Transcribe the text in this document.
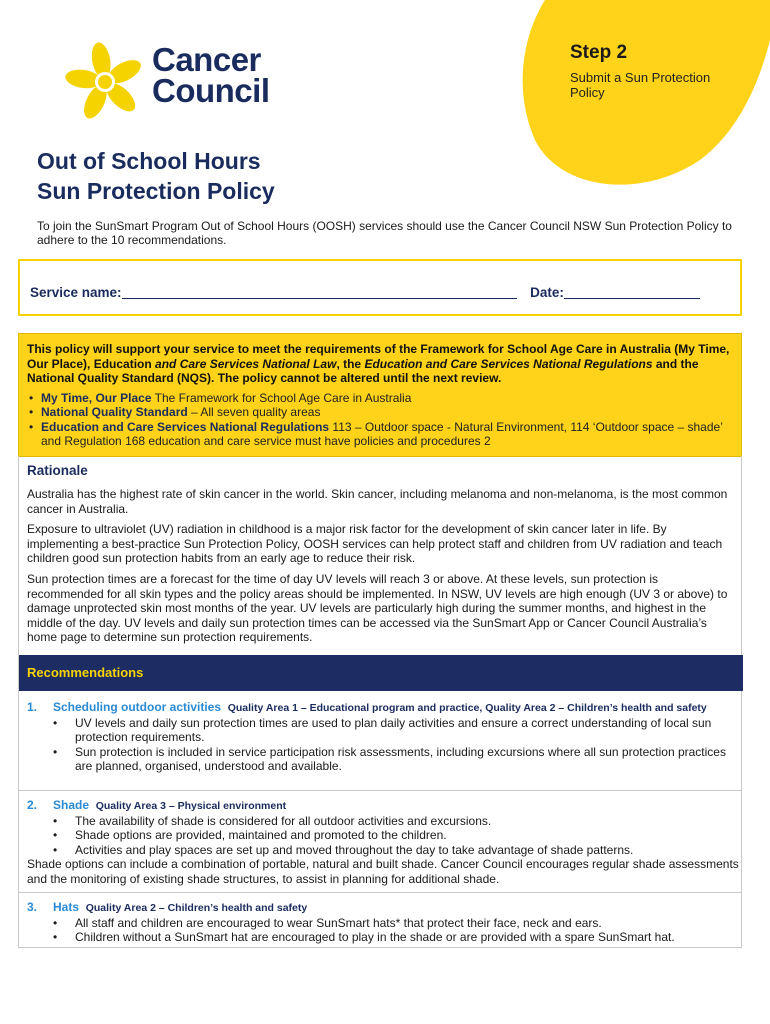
Cancer
Council
Step 2
Submit a Sun Protection Policy
Out of School Hours
Sun Protection Policy
To join the SunSmart Program Out of School Hours (OOSH) services should use the Cancer Council NSW Sun Protection Policy to adhere to the 10 recommendations.
Service name:	Date:

This policy will support your service to meet the requirements of the Framework for School Age Care in Australia (My Time, Our Place), Education and Care Services National Law, the Education and Care Services National Regulations and the National Quality Standard (NQS). The policy cannot be altered until the next review.

• My Time, Our Place The Framework for School Age Care in Australia
• National Quality Standard – All seven quality areas
• Education and Care Services National Regulations 113 – Outdoor space - Natural Environment, 114 ‘Outdoor space – shade’ and Regulation 168 education and care service must have policies and procedures 2
Rationale
Australia has the highest rate of skin cancer in the world. Skin cancer, including melanoma and non-melanoma, is the most common cancer in Australia.
Exposure to ultraviolet (UV) radiation in childhood is a major risk factor for the development of skin cancer later in life. By implementing a best-practice Sun Protection Policy, OOSH services can help protect staff and children from UV radiation and teach children good sun protection habits from an early age to reduce their risk.
Sun protection times are a forecast for the time of day UV levels will reach 3 or above. At these levels, sun protection is recommended for all skin types and the policy areas should be implemented. In NSW, UV levels are high enough (UV 3 or above) to damage unprotected skin most months of the year. UV levels are particularly high during the summer months, and highest in the middle of the day. UV levels and daily sun protection times can be accessed via the SunSmart App or Cancer Council Australia’s home page to determine sun protection requirements.
Recommendations
1. Scheduling outdoor activities Quality Area 1 – Educational program and practice, Quality Area 2 – Children’s health and safety
• UV levels and daily sun protection times are used to plan daily activities and ensure a correct understanding of local sun protection requirements.
• Sun protection is included in service participation risk assessments, including excursions where all sun protection practices are planned, organised, understood and available.
2. Shade Quality Area 3 – Physical environment
• The availability of shade is considered for all outdoor activities and excursions.
• Shade options are provided, maintained and promoted to the children.
• Activities and play spaces are set up and moved throughout the day to take advantage of shade patterns.
Shade options can include a combination of portable, natural and built shade. Cancer Council encourages regular shade assessments and the monitoring of existing shade structures, to assist in planning for additional shade.
3. Hats Quality Area 2 – Children’s health and safety
• All staff and children are encouraged to wear SunSmart hats* that protect their face, neck and ears.
• Children without a SunSmart hat are encouraged to play in the shade or are provided with a spare SunSmart hat.
